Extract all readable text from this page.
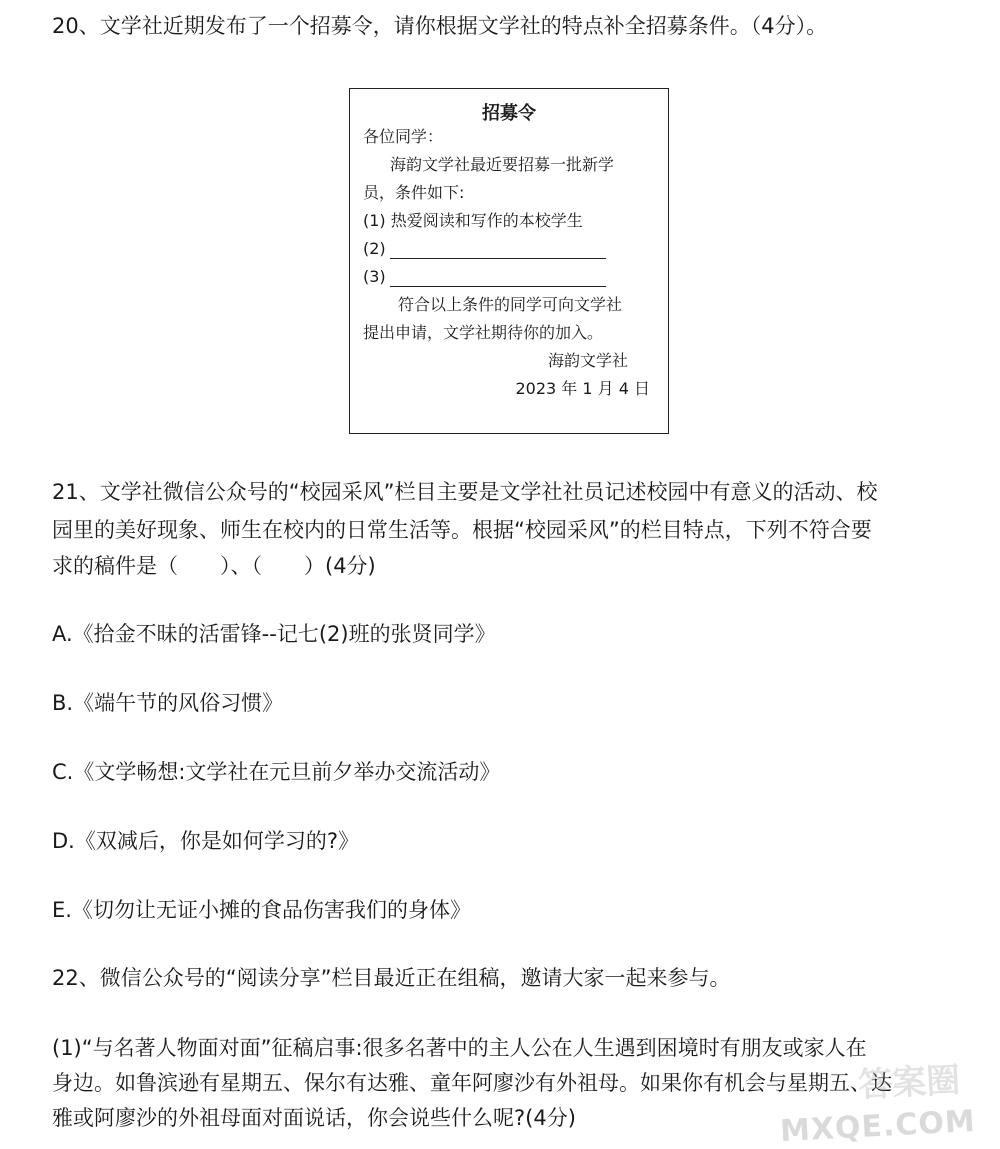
20、文学社近期发布了一个招募令，请你根据文学社的特点补全招募条件。（4分）。
招募令
各位同学：
海韵文学社最近要招募一批新学
员，条件如下:
(1) 热爱阅读和写作的本校学生
(2)
(3)
符合以上条件的同学可向文学社
提出申请，文学社期待你的加入。
海韵文学社
2023 年 1 月 4 日
21、文学社微信公众号的“校园采风”栏目主要是文学社社员记述校园中有意义的活动、校
园里的美好现象、师生在校内的日常生活等。根据“校园采风”的栏目特点，下列不符合要
求的稿件是（　　）、（　　）(4分)
A.《拾金不昧的活雷锋--记七(2)班的张贤同学》
B.《端午节的风俗习惯》
C.《文学畅想:文学社在元旦前夕举办交流活动》
D.《双减后，你是如何学习的?》
E.《切勿让无证小摊的食品伤害我们的身体》
22、微信公众号的“阅读分享”栏目最近正在组稿，邀请大家一起来参与。
(1)“与名著人物面对面”征稿启事:很多名著中的主人公在人生遇到困境时有朋友或家人在
身边。如鲁滨逊有星期五、保尔有达雅、童年阿廖沙有外祖母。如果你有机会与星期五、达
雅或阿廖沙的外祖母面对面说话，你会说些什么呢?(4分)
答案圈
MXQE.COM
